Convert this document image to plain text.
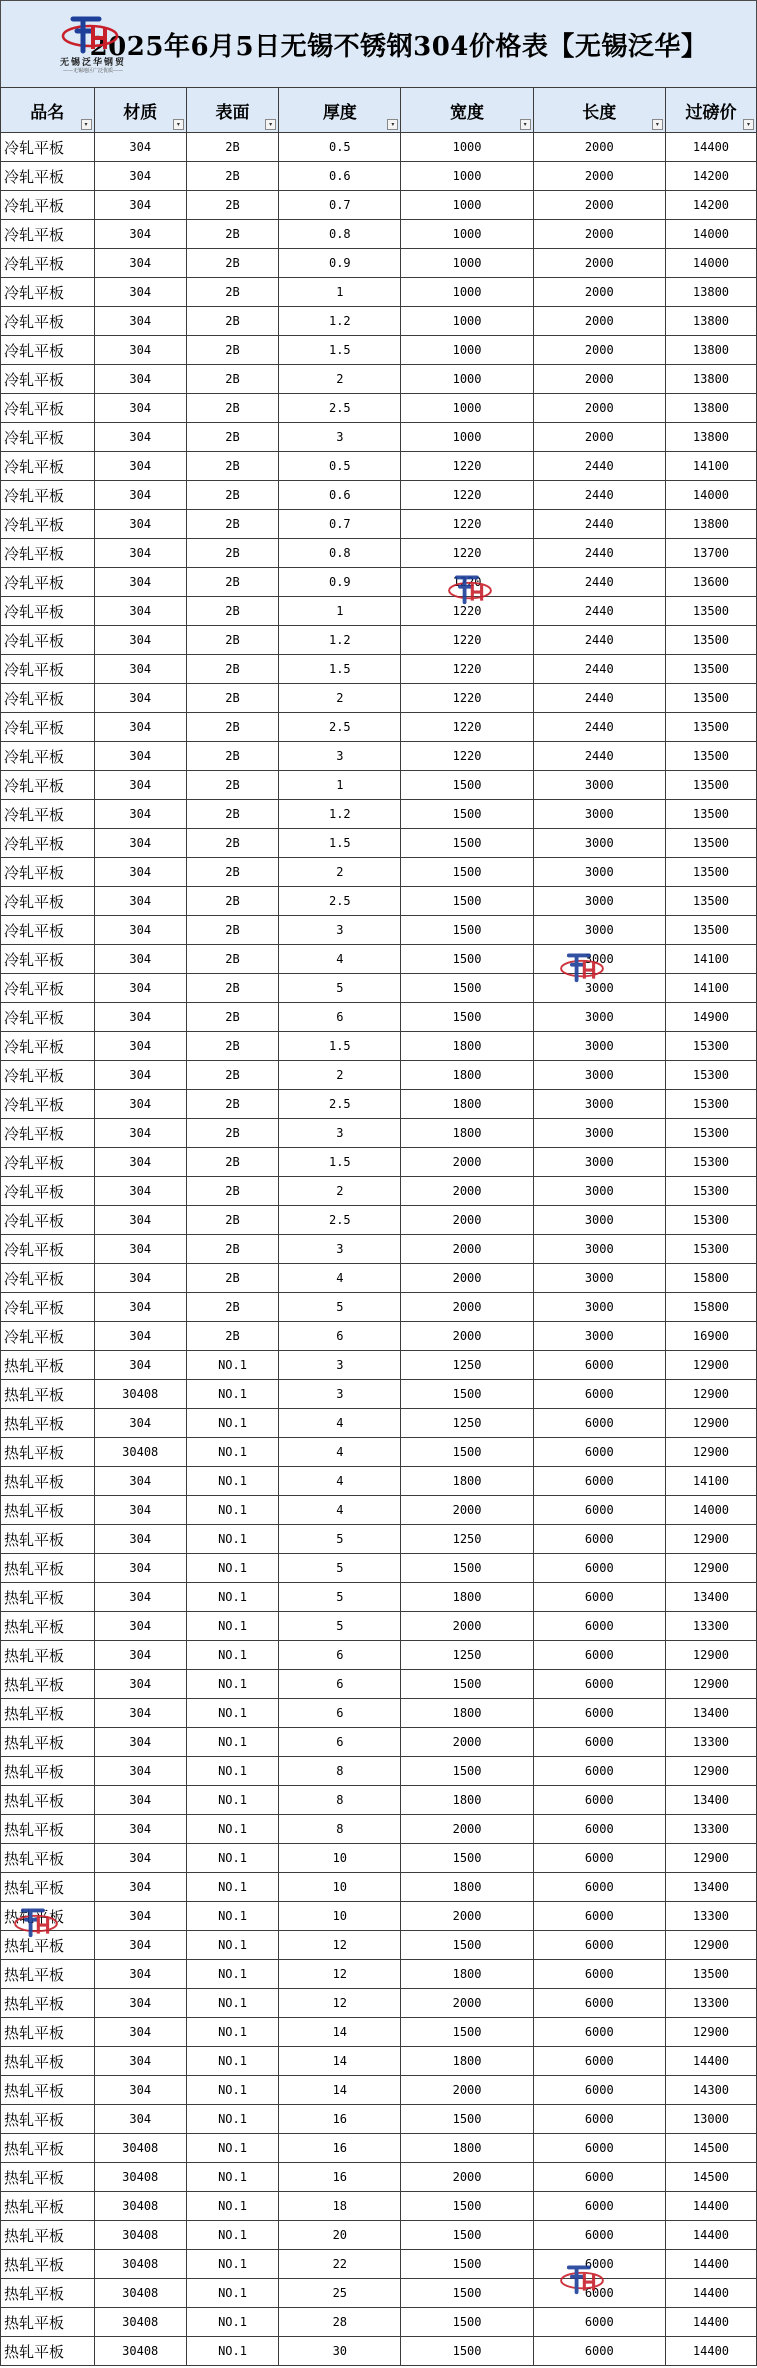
无锡泛华钢贸
——无锡地区广泛优质——
2025年6月5日无锡不锈钢304价格表【无锡泛华】
品名
▾	材质
▾	表面
▾	厚度
▾	宽度
▾	长度
▾	过磅价
▾

冷轧平板	304	2B	0.5	1000	2000	14400
冷轧平板	304	2B	0.6	1000	2000	14200
冷轧平板	304	2B	0.7	1000	2000	14200
冷轧平板	304	2B	0.8	1000	2000	14000
冷轧平板	304	2B	0.9	1000	2000	14000
冷轧平板	304	2B	1	1000	2000	13800
冷轧平板	304	2B	1.2	1000	2000	13800
冷轧平板	304	2B	1.5	1000	2000	13800
冷轧平板	304	2B	2	1000	2000	13800
冷轧平板	304	2B	2.5	1000	2000	13800
冷轧平板	304	2B	3	1000	2000	13800
冷轧平板	304	2B	0.5	1220	2440	14100
冷轧平板	304	2B	0.6	1220	2440	14000
冷轧平板	304	2B	0.7	1220	2440	13800
冷轧平板	304	2B	0.8	1220	2440	13700
冷轧平板	304	2B	0.9	1220	2440	13600
冷轧平板	304	2B	1	1220	2440	13500
冷轧平板	304	2B	1.2	1220	2440	13500
冷轧平板	304	2B	1.5	1220	2440	13500
冷轧平板	304	2B	2	1220	2440	13500
冷轧平板	304	2B	2.5	1220	2440	13500
冷轧平板	304	2B	3	1220	2440	13500
冷轧平板	304	2B	1	1500	3000	13500
冷轧平板	304	2B	1.2	1500	3000	13500
冷轧平板	304	2B	1.5	1500	3000	13500
冷轧平板	304	2B	2	1500	3000	13500
冷轧平板	304	2B	2.5	1500	3000	13500
冷轧平板	304	2B	3	1500	3000	13500
冷轧平板	304	2B	4	1500	3000	14100
冷轧平板	304	2B	5	1500	3000	14100
冷轧平板	304	2B	6	1500	3000	14900
冷轧平板	304	2B	1.5	1800	3000	15300
冷轧平板	304	2B	2	1800	3000	15300
冷轧平板	304	2B	2.5	1800	3000	15300
冷轧平板	304	2B	3	1800	3000	15300
冷轧平板	304	2B	1.5	2000	3000	15300
冷轧平板	304	2B	2	2000	3000	15300
冷轧平板	304	2B	2.5	2000	3000	15300
冷轧平板	304	2B	3	2000	3000	15300
冷轧平板	304	2B	4	2000	3000	15800
冷轧平板	304	2B	5	2000	3000	15800
冷轧平板	304	2B	6	2000	3000	16900
热轧平板	304	NO.1	3	1250	6000	12900
热轧平板	30408	NO.1	3	1500	6000	12900
热轧平板	304	NO.1	4	1250	6000	12900
热轧平板	30408	NO.1	4	1500	6000	12900
热轧平板	304	NO.1	4	1800	6000	14100
热轧平板	304	NO.1	4	2000	6000	14000
热轧平板	304	NO.1	5	1250	6000	12900
热轧平板	304	NO.1	5	1500	6000	12900
热轧平板	304	NO.1	5	1800	6000	13400
热轧平板	304	NO.1	5	2000	6000	13300
热轧平板	304	NO.1	6	1250	6000	12900
热轧平板	304	NO.1	6	1500	6000	12900
热轧平板	304	NO.1	6	1800	6000	13400
热轧平板	304	NO.1	6	2000	6000	13300
热轧平板	304	NO.1	8	1500	6000	12900
热轧平板	304	NO.1	8	1800	6000	13400
热轧平板	304	NO.1	8	2000	6000	13300
热轧平板	304	NO.1	10	1500	6000	12900
热轧平板	304	NO.1	10	1800	6000	13400
热轧平板	304	NO.1	10	2000	6000	13300
热轧平板	304	NO.1	12	1500	6000	12900
热轧平板	304	NO.1	12	1800	6000	13500
热轧平板	304	NO.1	12	2000	6000	13300
热轧平板	304	NO.1	14	1500	6000	12900
热轧平板	304	NO.1	14	1800	6000	14400
热轧平板	304	NO.1	14	2000	6000	14300
热轧平板	304	NO.1	16	1500	6000	13000
热轧平板	30408	NO.1	16	1800	6000	14500
热轧平板	30408	NO.1	16	2000	6000	14500
热轧平板	30408	NO.1	18	1500	6000	14400
热轧平板	30408	NO.1	20	1500	6000	14400
热轧平板	30408	NO.1	22	1500	6000	14400
热轧平板	30408	NO.1	25	1500	6000	14400
热轧平板	30408	NO.1	28	1500	6000	14400
热轧平板	30408	NO.1	30	1500	6000	14400
